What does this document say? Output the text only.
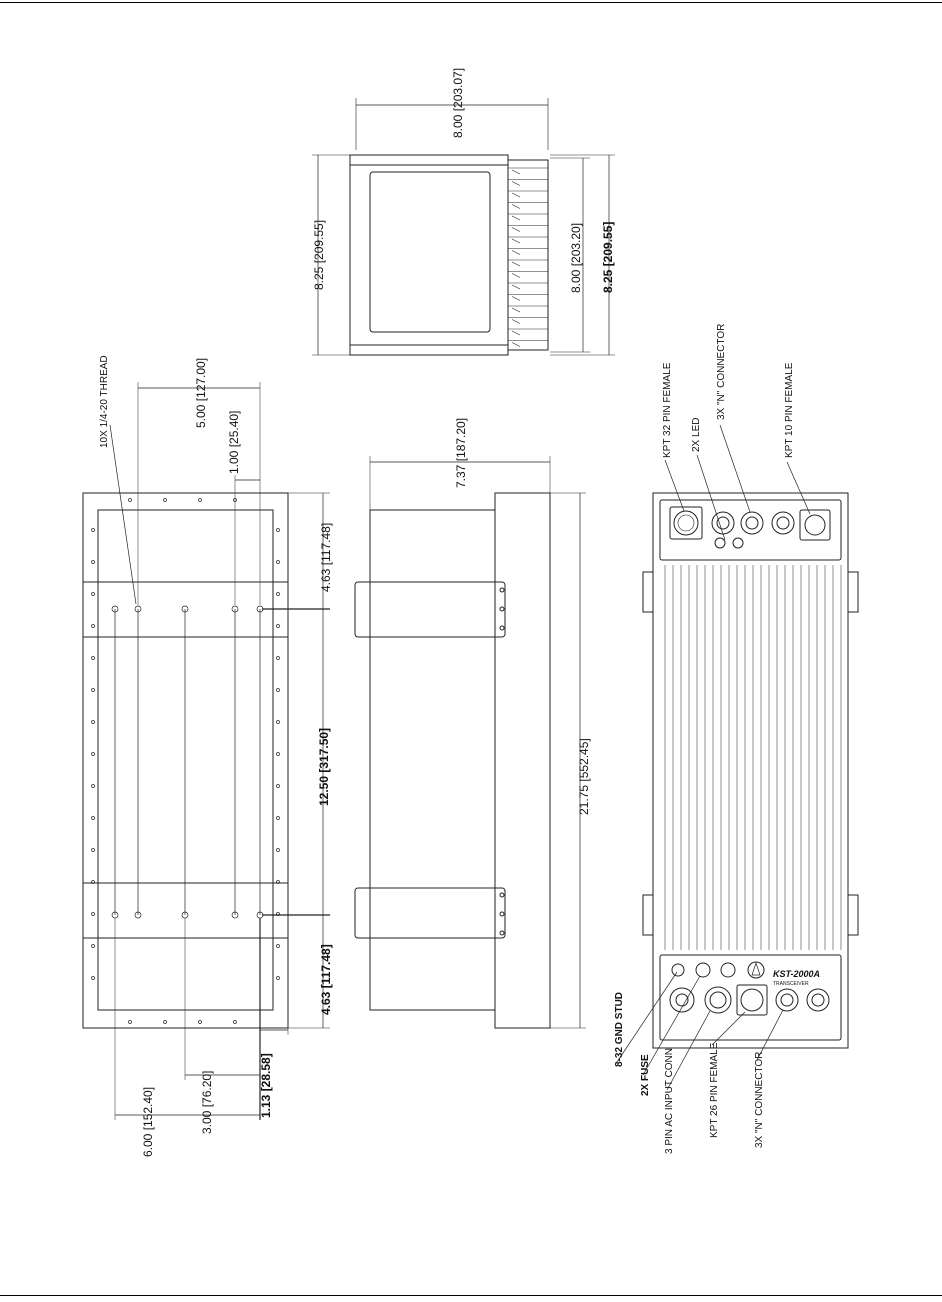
8.00 [203.07]
8.25 [209.55]	8.00 [203.20] 8.25 [209.55]
10X 1/4-20 THREAD	5.00 [127.00]
1.00 [25.40]
4.63 [117.48]
12.50 [317.50]
4.63 [117.48]
6.00 [152.40]	3.00 [76.20]	1.13 [28.58]
7.37 [187.20]
21.75 [552.45]
KPT 32 PIN FEMALE 2X LED
3X "N" CONNECTOR	KPT 10 PIN FEMALE
8-32 GND STUD
2X FUSE 3 PIN AC INPUT CONN	KPT 26 PIN FEMALE	3X "N" CONNECTOR
KST-2000A
TRANSCEIVER
